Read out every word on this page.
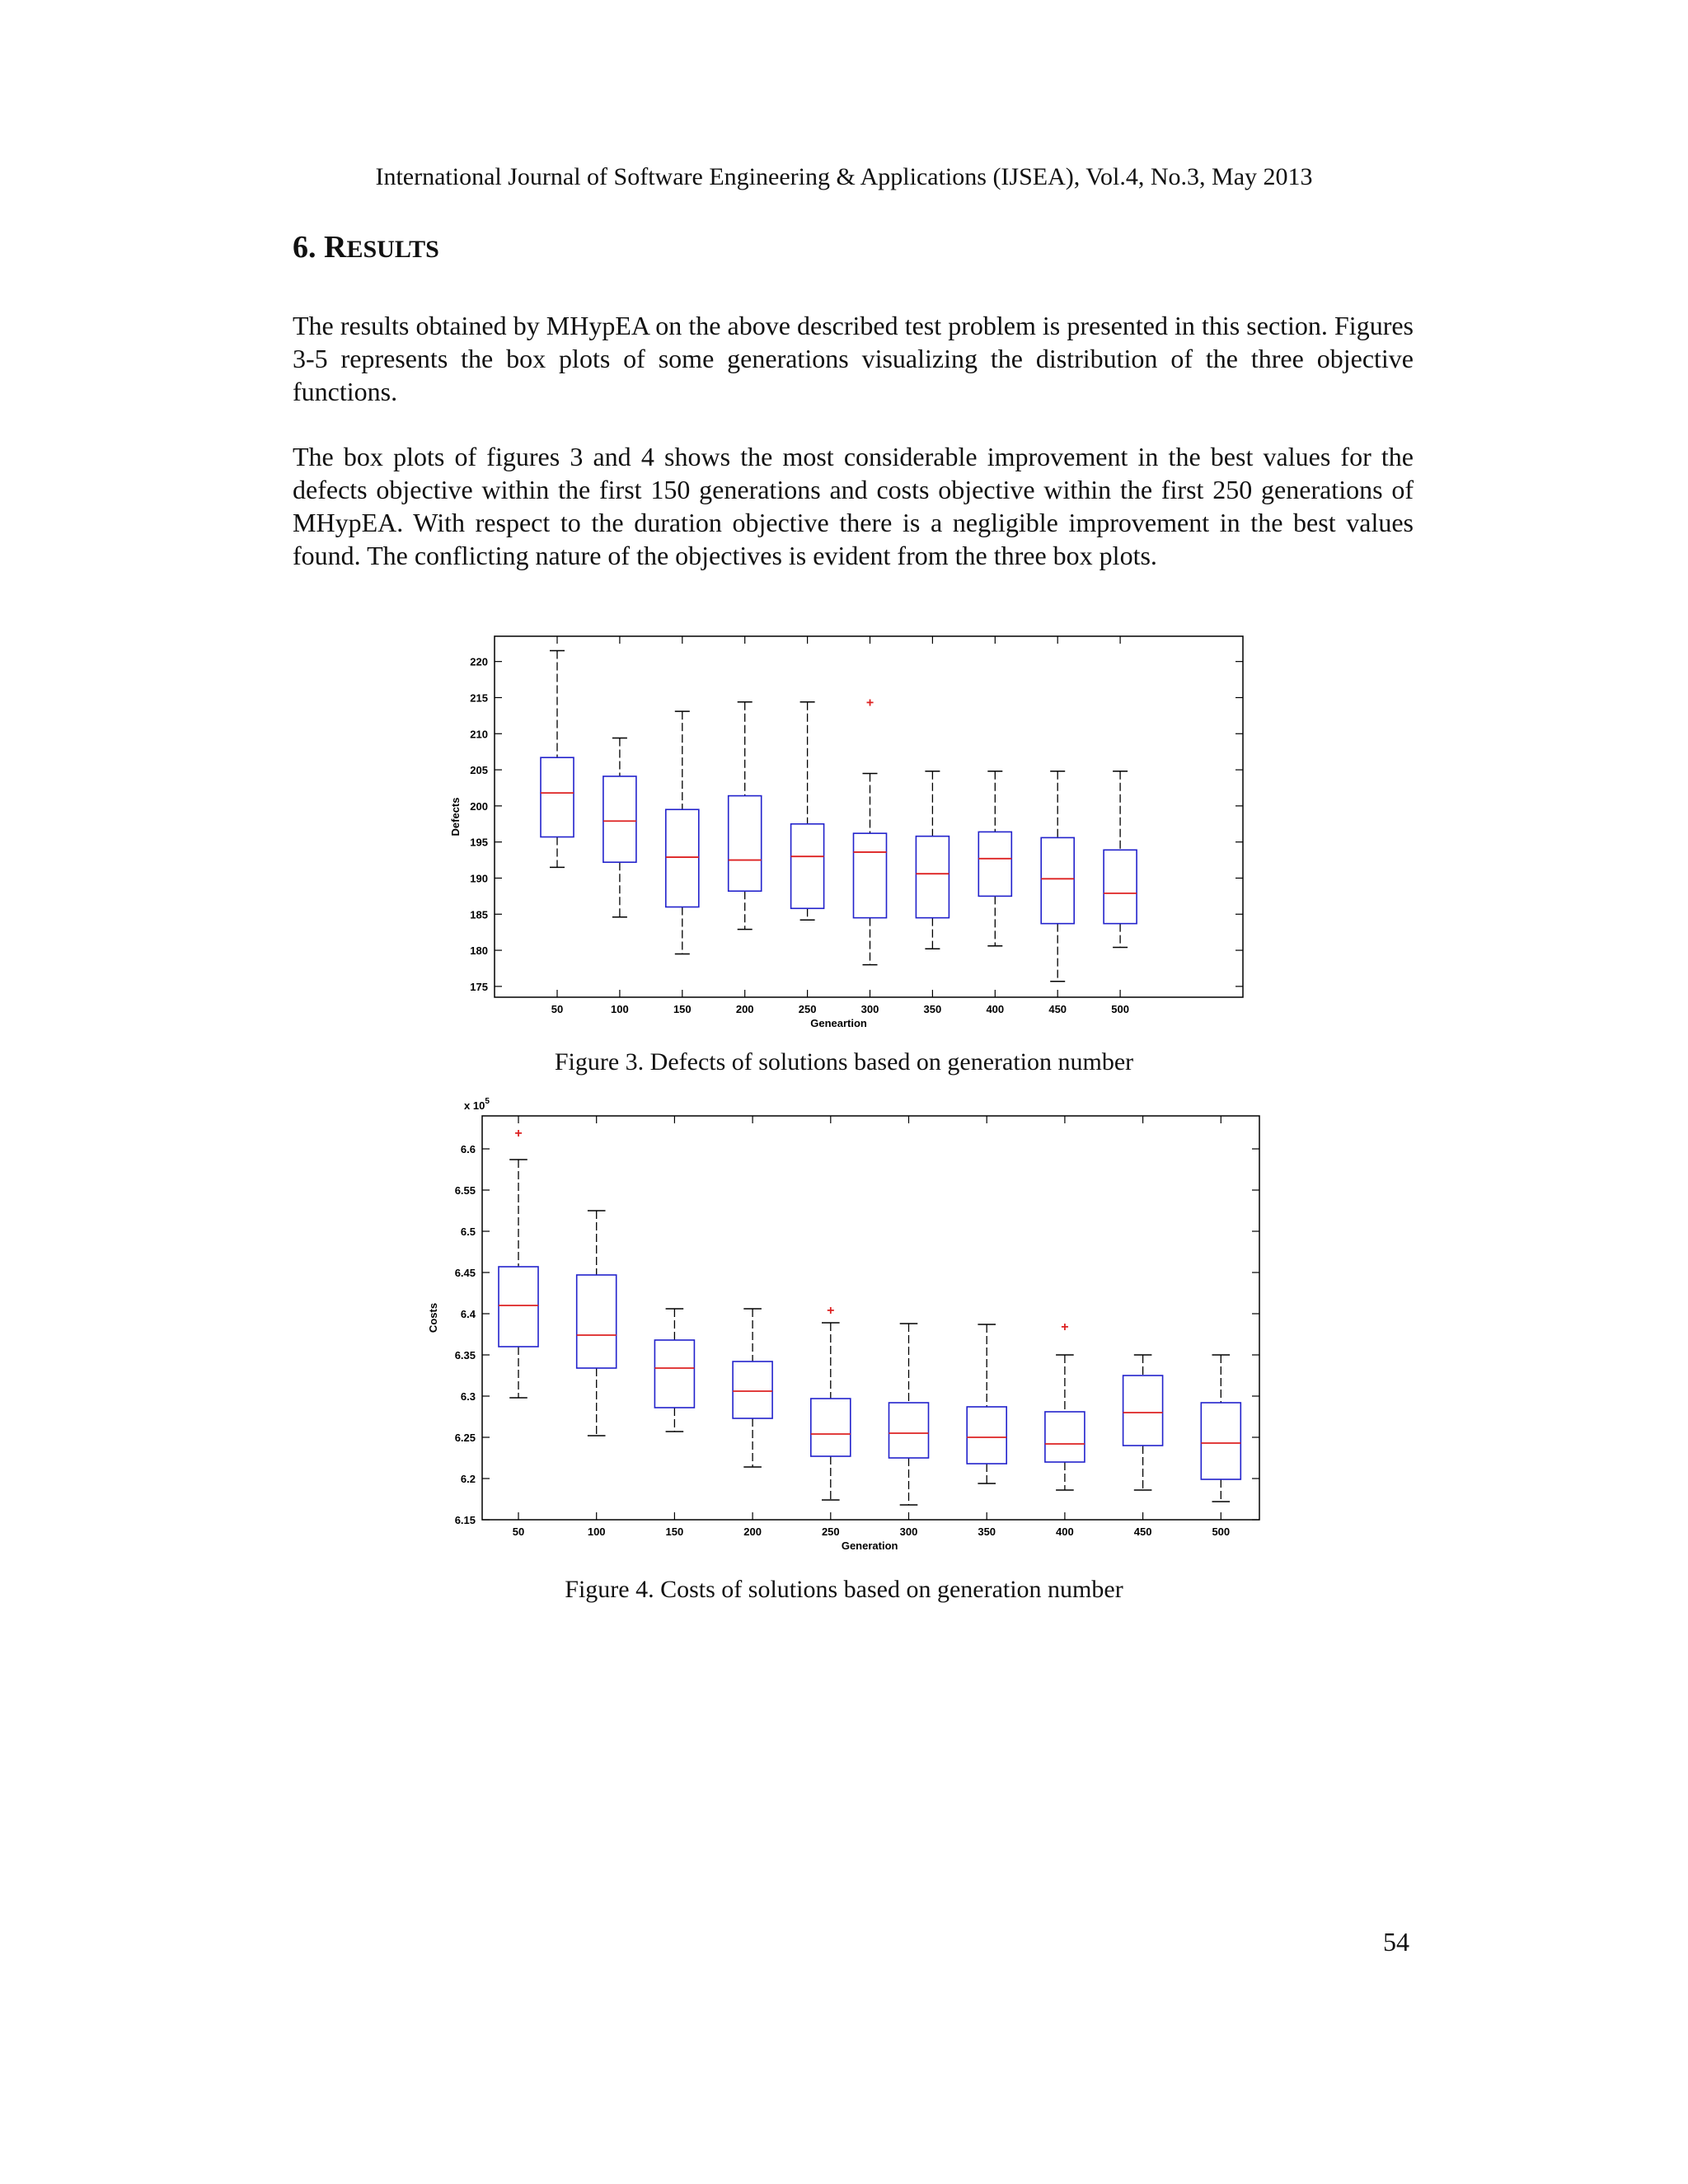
International Journal of Software Engineering & Applications (IJSEA), Vol.4, No.3, May 2013
6. RESULTS

The results obtained by MHypEA on the above described test problem is presented in this section. Figures 3-5 represents the box plots of some generations visualizing the distribution of the three objective functions.

The box plots of figures 3 and 4 shows the most considerable improvement in the best values for the defects objective within the first 150 generations and costs objective within the first 250 generations of MHypEA. With respect to the duration objective there is a negligible improvement in the best values found. The conflicting nature of the objectives is evident from the three box plots.

175
180
185
190
195
200
205
210
215
220
50	100	150	200	250	300	350	400	450	500
+
Geneartion
Defects
Figure 3. Defects of solutions based on generation number
6.15
6.2
6.25
6.3
6.35
6.4
6.45
6.5
6.55
6.6
50	100	150	200	250	300	350	400	450	500
+
+
+
Generation
Costs
x $10^5$
Figure 4. Costs of solutions based on generation number
54
